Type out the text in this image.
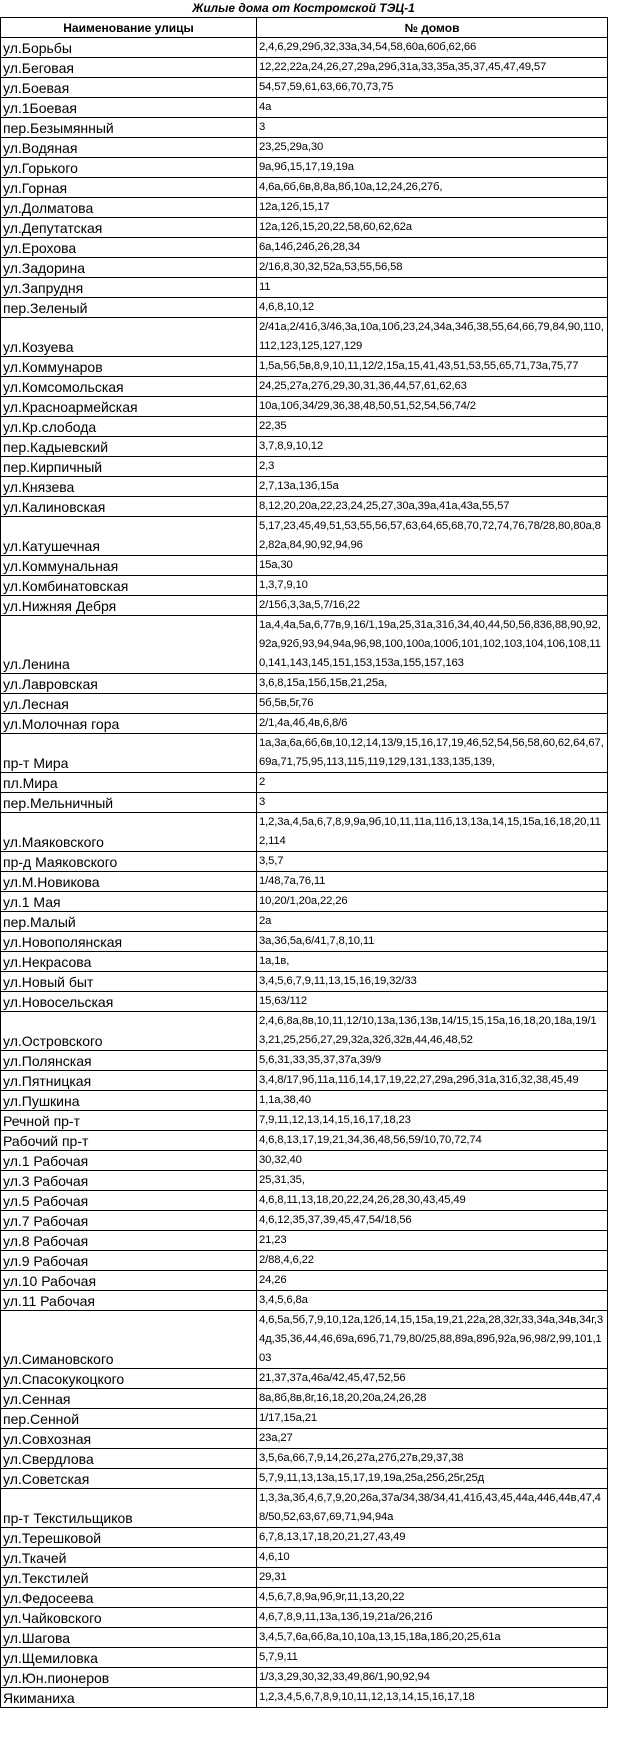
Жилые дома от Костромской ТЭЦ-1
Наименование улицы	№ домов
ул.Борьбы	2,4,6,29,29б,32,33а,34,54,58,60а,60б,62,66
ул.Беговая	12,22,22а,24,26,27,29а,29б,31а,33,35а,35,37,45,47,49,57
ул.Боевая	54,57,59,61,63,66,70,73,75
ул.1Боевая	4а
пер.Безымянный	3
ул.Водяная	23,25,29а,30
ул.Горького	9а,9б,15,17,19,19а
ул.Горная	4,6а,6б,6в,8,8а,8б,10а,12,24,26,27б,
ул.Долматова	12а,12б,15,17
ул.Депутатская	12а,12б,15,20,22,58,60,62,62а
ул.Ерохова	6а,14б,24б,26,28,34
ул.Задорина	2/16,8,30,32,52а,53,55,56,58
ул.Запрудня	11
пер.Зеленый	4,6,8,10,12
ул.Козуева	2/41а,2/41б,3/46,3а,10а,10б,23,24,34а,34б,38,55,64,66,79,84,90,110,112,123,125,127,129
ул.Коммунаров	1,5а,5б,5в,8,9,10,11,12/2,15а,15,41,43,51,53,55,65,71,73а,75,77
ул.Комсомольская	24,25,27а,27б,29,30,31,36,44,57,61,62,63
ул.Красноармейская	10а,10б,34/29,36,38,48,50,51,52,54,56,74/2
ул.Кр.слобода	22,35
пер.Кадыевский	3,7,8,9,10,12
пер.Кирпичный	2,3
ул.Князева	2,7,13а,13б,15а
ул.Калиновская	8,12,20,20а,22,23,24,25,27,30а,39а,41а,43а,55,57
ул.Катушечная	5,17,23,45,49,51,53,55,56,57,63,64,65,68,70,72,74,76,78/28,80,80а,82,82а,84,90,92,94,96
ул.Коммунальная	15а,30
ул.Комбинатовская	1,3,7,9,10
ул.Нижняя Дебря	2/15б,3,3а,5,7/16,22
ул.Ленина	1а,4,4а,5а,6,77в,9,16/1,19а,25,31а,31б,34,40,44,50,56,836,88,90,92,92а,92б,93,94,94а,96,98,100,100а,100б,101,102,103,104,106,108,110,141,143,145,151,153,153а,155,157,163
ул.Лавровская	3,6,8,15а,15б,15в,21,25а,
ул.Лесная	5б,5в,5г,76
ул.Молочная гора	2/1,4а,4б,4в,6,8/6
пр-т Мира	1а,3а,6а,6б,6в,10,12,14,13/9,15,16,17,19,46,52,54,56,58,60,62,64,67,69а,71,75,95,113,115,119,129,131,133,135,139,
пл.Мира	2
пер.Мельничный	3
ул.Маяковского	1,2,3а,4,5а,6,7,8,9,9а,9б,10,11,11а,11б,13,13а,14,15,15а,16,18,20,112,114
пр-д Маяковского	3,5,7
ул.М.Новикова	1/48,7а,76,11
ул.1 Мая	10,20/1,20а,22,26
пер.Малый	2а
ул.Новополянская	3а,3б,5а,6/41,7,8,10,11
ул.Некрасова	1а,1в,
ул.Новый быт	3,4,5,6,7,9,11,13,15,16,19,32/33
ул.Новосельская	15,63/112
ул.Островского	2,4,6,8а,8в,10,11,12/10,13а,13б,13в,14/15,15,15а,16,18,20,18а,19/13,21,25,25б,27,29,32а,32б,32в,44,46,48,52
ул.Полянская	5,6,31,33,35,37,37а,39/9
ул.Пятницкая	3,4,8/17,9б,11а,11б,14,17,19,22,27,29а,29б,31а,31б,32,38,45,49
ул.Пушкина	1,1а,38,40
Речной пр-т	7,9,11,12,13,14,15,16,17,18,23
Рабочий пр-т	4,6,8,13,17,19,21,34,36,48,56,59/10,70,72,74
ул.1 Рабочая	30,32,40
ул.3 Рабочая	25,31,35,
ул.5 Рабочая	4,6,8,11,13,18,20,22,24,26,28,30,43,45,49
ул.7 Рабочая	4,6,12,35,37,39,45,47,54/18,56
ул.8 Рабочая	21,23
ул.9 Рабочая	2/88,4,6,22
ул.10 Рабочая	24,26
ул.11 Рабочая	3,4,5,6,8а
ул.Симановского	4,6,5а,5б,7,9,10,12а,12б,14,15,15а,19,21,22а,28,32г,33,34а,34в,34г,34д,35,36,44,46,69а,69б,71,79,80/25,88,89а,89б,92а,96,98/2,99,101,103
ул.Спасокукоцкого	21,37,37а,46а/42,45,47,52,56
ул.Сенная	8а,8б,8в,8г,16,18,20,20а,24,26,28
пер.Сенной	1/17,15а,21
ул.Совхозная	23а,27
ул.Свердлова	3,5,6а,66,7,9,14,26,27а,27б,27в,29,37,38
ул.Советская	5,7,9,11,13,13а,15,17,19,19а,25а,25б,25г,25д
пр-т Текстильщиков	1,3,3а,3б,4,6,7,9,20,26а,37а/34,38/34,41,41б,43,45,44а,446,44в,47,48/50,52,63,67,69,71,94,94а
ул.Терешковой	6,7,8,13,17,18,20,21,27,43,49
ул.Ткачей	4,6,10
ул.Текстилей	29,31
ул.Федосеева	4,5,6,7,8,9а,9б,9г,11,13,20,22
ул.Чайковского	4,6,7,8,9,11,13а,13б,19,21а/26,21б
ул.Шагова	3,4,5,7,6а,6б,8а,10,10а,13,15,18а,18б,20,25,61а
ул.Щемиловка	5,7,9,11
ул.Юн.пионеров	1/3,3,29,30,32,33,49,86/1,90,92,94
Якиманиха	1,2,3,4,5,6,7,8,9,10,11,12,13,14,15,16,17,18
